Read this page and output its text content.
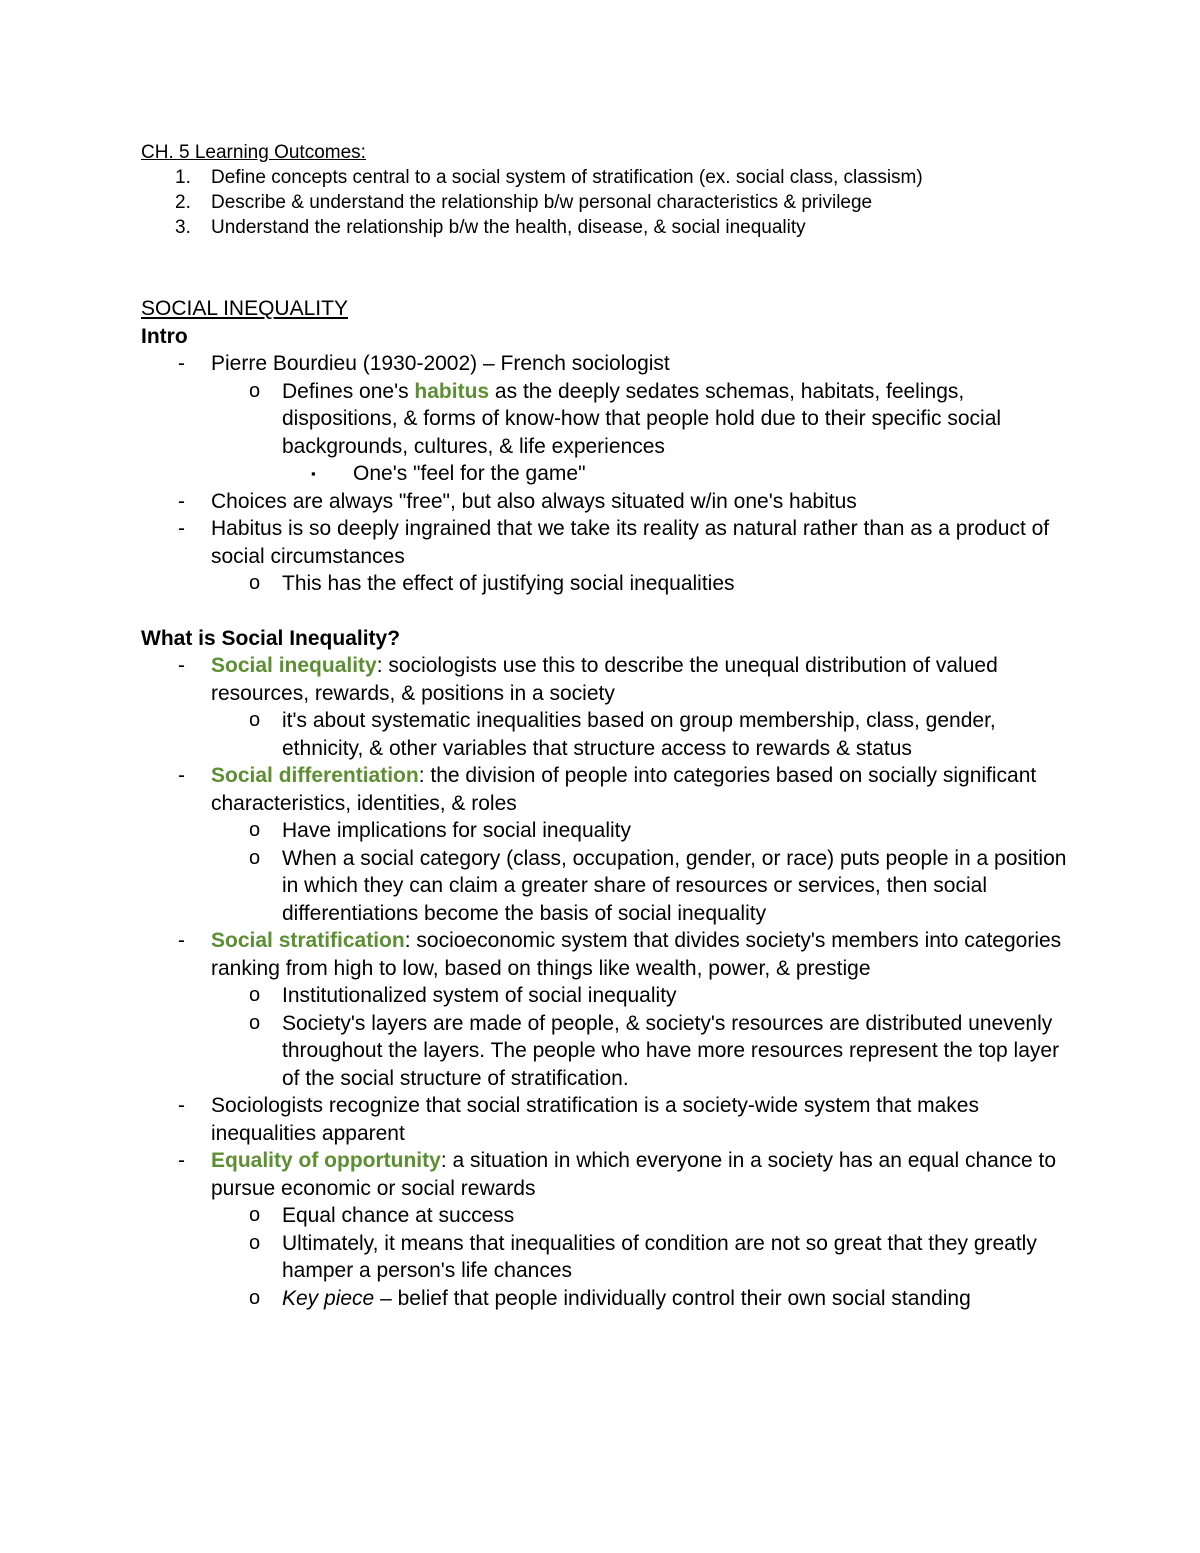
CH. 5 Learning Outcomes:
1. Define concepts central to a social system of stratification (ex. social class, classism)
2. Describe & understand the relationship b/w personal characteristics & privilege
3. Understand the relationship b/w the health, disease, & social inequality
SOCIAL INEQUALITY
Intro
- Pierre Bourdieu (1930-2002) – French sociologist
o Defines one's habitus as the deeply sedates schemas, habitats, feelings, dispositions, & forms of know-how that people hold due to their specific social backgrounds, cultures, & life experiences
▪ One's "feel for the game"
- Choices are always "free", but also always situated w/in one's habitus
- Habitus is so deeply ingrained that we take its reality as natural rather than as a product of social circumstances
o This has the effect of justifying social inequalities
What is Social Inequality?
- Social inequality: sociologists use this to describe the unequal distribution of valued resources, rewards, & positions in a society
o it's about systematic inequalities based on group membership, class, gender, ethnicity, & other variables that structure access to rewards & status
- Social differentiation: the division of people into categories based on socially significant characteristics, identities, & roles
o Have implications for social inequality
o When a social category (class, occupation, gender, or race) puts people in a position in which they can claim a greater share of resources or services, then social differentiations become the basis of social inequality
- Social stratification: socioeconomic system that divides society's members into categories ranking from high to low, based on things like wealth, power, & prestige
o Institutionalized system of social inequality
o Society's layers are made of people, & society's resources are distributed unevenly throughout the layers. The people who have more resources represent the top layer of the social structure of stratification.
- Sociologists recognize that social stratification is a society-wide system that makes inequalities apparent
- Equality of opportunity: a situation in which everyone in a society has an equal chance to pursue economic or social rewards
o Equal chance at success
o Ultimately, it means that inequalities of condition are not so great that they greatly hamper a person's life chances
o Key piece – belief that people individually control their own social standing
